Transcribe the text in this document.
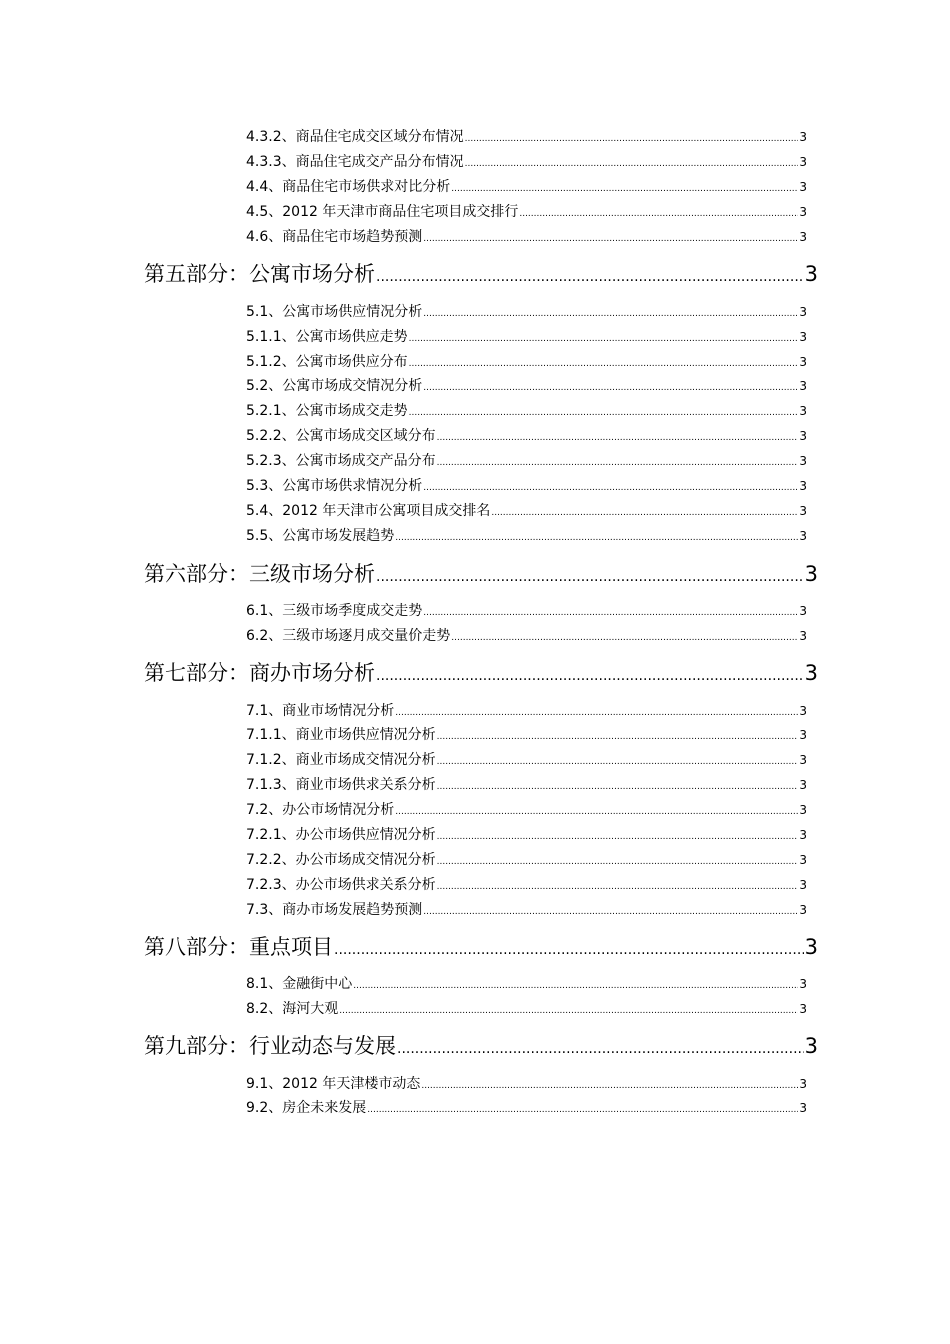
4.3.2、商品住宅成交区域分布情况 .....	3
4.3.3、商品住宅成交产品分布情况 .....	3
4.4、商品住宅市场供求对比分析 .....	3
4.5、2012 年天津市商品住宅项目成交排行 .....	3
4.6、商品住宅市场趋势预测 .....	3
第五部分：公寓市场分析 .....	3
5.1、公寓市场供应情况分析 .....	3
5.1.1、公寓市场供应走势 .....	3
5.1.2、公寓市场供应分布 .....	3
5.2、公寓市场成交情况分析 .....	3
5.2.1、公寓市场成交走势 .....	3
5.2.2、公寓市场成交区域分布 .....	3
5.2.3、公寓市场成交产品分布 .....	3
5.3、公寓市场供求情况分析 .....	3
5.4、2012 年天津市公寓项目成交排名 .....	3
5.5、公寓市场发展趋势 .....	3
第六部分：三级市场分析 .....	3
6.1、三级市场季度成交走势 .....	3
6.2、三级市场逐月成交量价走势 .....	3
第七部分：商办市场分析 .....	3
7.1、商业市场情况分析 .....	3
7.1.1、商业市场供应情况分析 .....	3
7.1.2、商业市场成交情况分析 .....	3
7.1.3、商业市场供求关系分析 .....	3
7.2、办公市场情况分析 .....	3
7.2.1、办公市场供应情况分析 .....	3
7.2.2、办公市场成交情况分析 .....	3
7.2.3、办公市场供求关系分析 .....	3
7.3、商办市场发展趋势预测 .....	3
第八部分：重点项目 .....	3
8.1、金融街中心 .....	3
8.2、海河大观 .....	3
第九部分：行业动态与发展 .....	3
9.1、2012 年天津楼市动态 .....	3
9.2、房企未来发展 .....	3
